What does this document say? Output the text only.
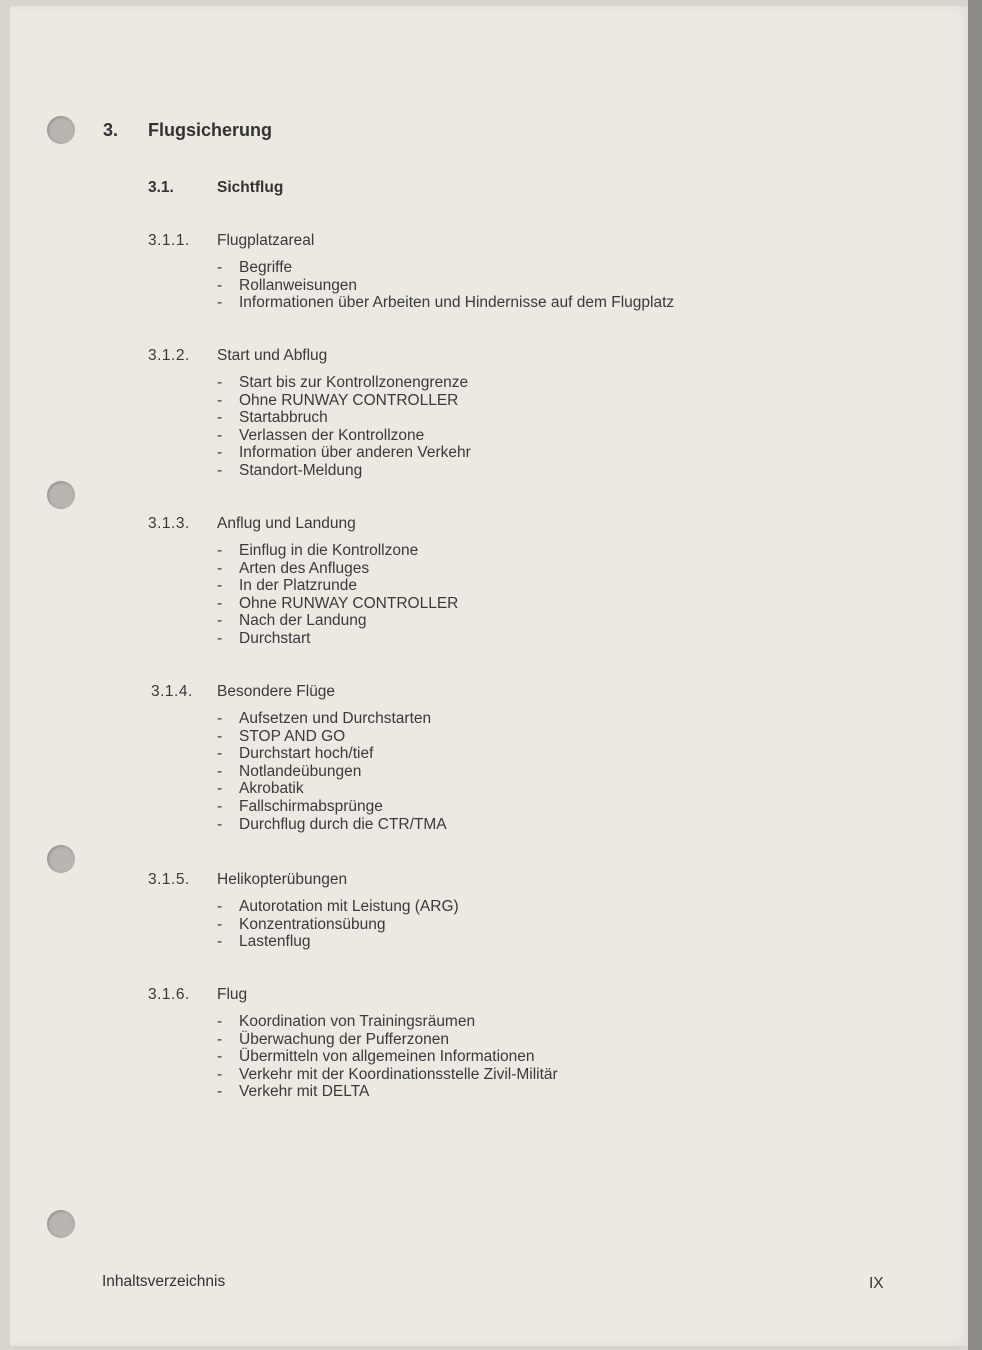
3. Flugsicherung
3.1.	Sichtflug
3.1.1. Flugplatzareal
- Begriffe
- Rollanweisungen
- Informationen über Arbeiten und Hindernisse auf dem Flugplatz
3.1.2. Start und Abflug
- Start bis zur Kontrollzonengrenze
- Ohne RUNWAY CONTROLLER
- Startabbruch
- Verlassen der Kontrollzone
- Information über anderen Verkehr
- Standort-Meldung
3.1.3. Anflug und Landung
- Einflug in die Kontrollzone
- Arten des Anfluges
- In der Platzrunde
- Ohne RUNWAY CONTROLLER
- Nach der Landung
- Durchstart
3.1.4. Besondere Flüge
- Aufsetzen und Durchstarten
- STOP AND GO
- Durchstart hoch/tief
- Notlandeübungen
- Akrobatik
- Fallschirmabsprünge
- Durchflug durch die CTR/TMA
3.1.5. Helikopterübungen
- Autorotation mit Leistung (ARG)
- Konzentrationsübung
- Lastenflug
3.1.6. Flug
- Koordination von Trainingsräumen
- Überwachung der Pufferzonen
- Übermitteln von allgemeinen Informationen
- Verkehr mit der Koordinationsstelle Zivil-Militär
- Verkehr mit DELTA
Inhaltsverzeichnis	IX
